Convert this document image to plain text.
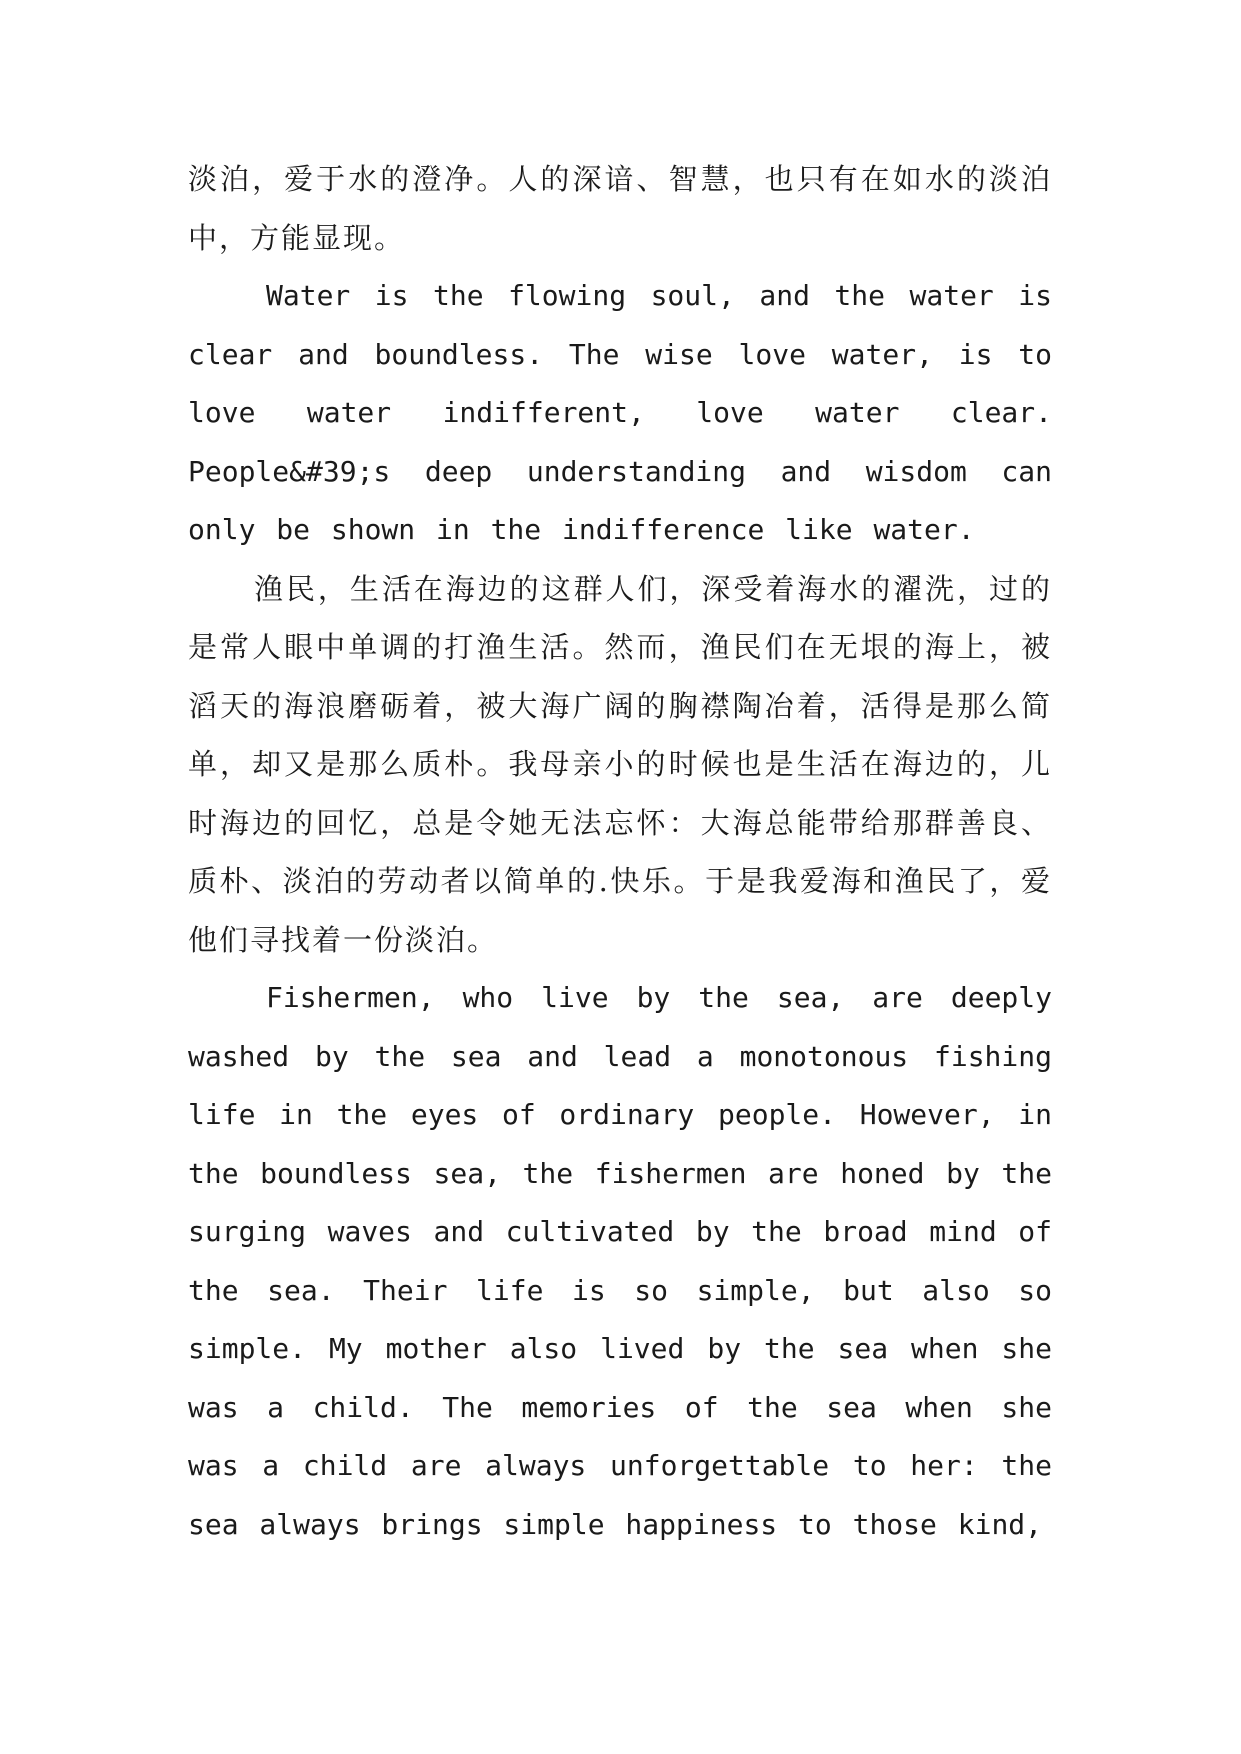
淡泊，爱于水的澄净。人的深谙、智慧，也只有在如水的淡泊中，方能显现。

Water is the flowing soul, and the water is clear and boundless. The wise love water, is to love water indifferent, love water clear. People&#39;s deep understanding and wisdom can only be shown in the indifference like water.

渔民，生活在海边的这群人们，深受着海水的濯洗，过的是常人眼中单调的打渔生活。然而，渔民们在无垠的海上，被滔天的海浪磨砺着，被大海广阔的胸襟陶冶着，活得是那么简单，却又是那么质朴。我母亲小的时候也是生活在海边的，儿时海边的回忆，总是令她无法忘怀：大海总能带给那群善良、质朴、淡泊的劳动者以简单的.快乐。于是我爱海和渔民了，爱他们寻找着一份淡泊。

Fishermen, who live by the sea, are deeply washed by the sea and lead a monotonous fishing life in the eyes of ordinary people. However, in the boundless sea, the fishermen are honed by the surging waves and cultivated by the broad mind of the sea. Their life is so simple, but also so simple. My mother also lived by the sea when she was a child. The memories of the sea when she was a child are always unforgettable to her: the sea always brings simple happiness to those kind,
